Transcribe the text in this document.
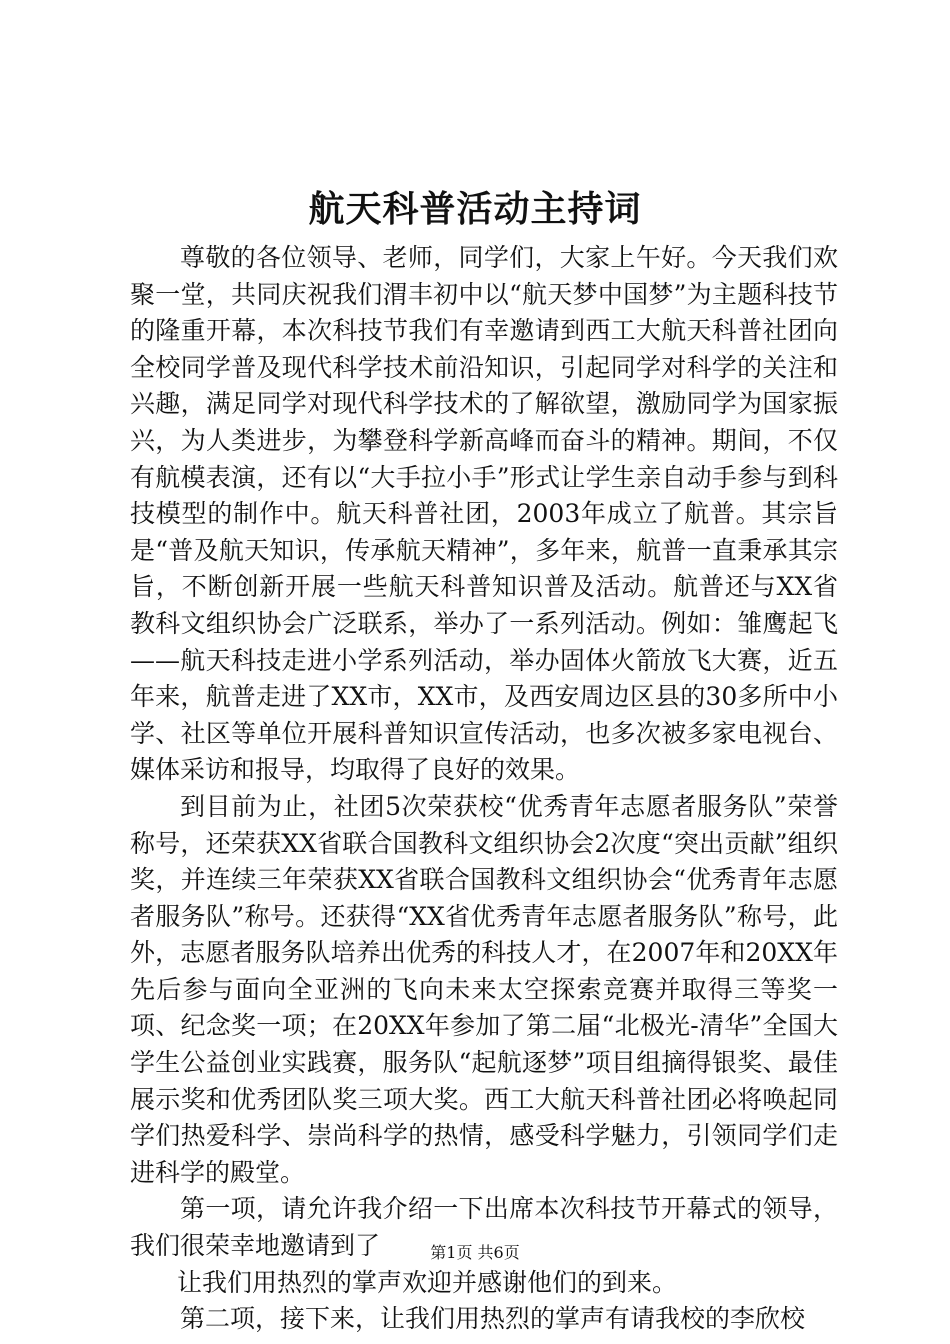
航天科普活动主持词

尊敬的各位领导、老师，同学们，大家上午好。今天我们欢聚一堂，共同庆祝我们渭丰初中以“航天梦中国梦”为主题科技节的隆重开幕，本次科技节我们有幸邀请到西工大航天科普社团向全校同学普及现代科学技术前沿知识，引起同学对科学的关注和兴趣，满足同学对现代科学技术的了解欲望，激励同学为国家振兴，为人类进步，为攀登科学新高峰而奋斗的精神。期间，不仅有航模表演，还有以“大手拉小手”形式让学生亲自动手参与到科技模型的制作中。航天科普社团，2003年成立了航普。其宗旨是“普及航天知识，传承航天精神”，多年来，航普一直秉承其宗旨，不断创新开展一些航天科普知识普及活动。航普还与XX省教科文组织协会广泛联系，举办了一系列活动。例如：雏鹰起飞——航天科技走进小学系列活动，举办固体火箭放飞大赛，近五年来，航普走进了XX市，XX市，及西安周边区县的30多所中小学、社区等单位开展科普知识宣传活动，也多次被多家电视台、媒体采访和报导，均取得了良好的效果。

到目前为止，社团5次荣获校“优秀青年志愿者服务队”荣誉称号，还荣获XX省联合国教科文组织协会2次度“突出贡献”组织奖，并连续三年荣获XX省联合国教科文组织协会“优秀青年志愿者服务队”称号。还获得“XX省优秀青年志愿者服务队”称号，此外，志愿者服务队培养出优秀的科技人才，在2007年和20XX年先后参与面向全亚洲的飞向未来太空探索竞赛并取得三等奖一项、纪念奖一项；在20XX年参加了第二届“北极光-清华”全国大学生公益创业实践赛，服务队“起航逐梦”项目组摘得银奖、最佳展示奖和优秀团队奖三项大奖。西工大航天科普社团必将唤起同学们热爱科学、崇尚科学的热情，感受科学魅力，引领同学们走进科学的殿堂。

第一项，请允许我介绍一下出席本次科技节开幕式的领导，我们很荣幸地邀请到了

让我们用热烈的掌声欢迎并感谢他们的到来。

第二项，接下来，让我们用热烈的掌声有请我校的李欣校

第1页 共6页
